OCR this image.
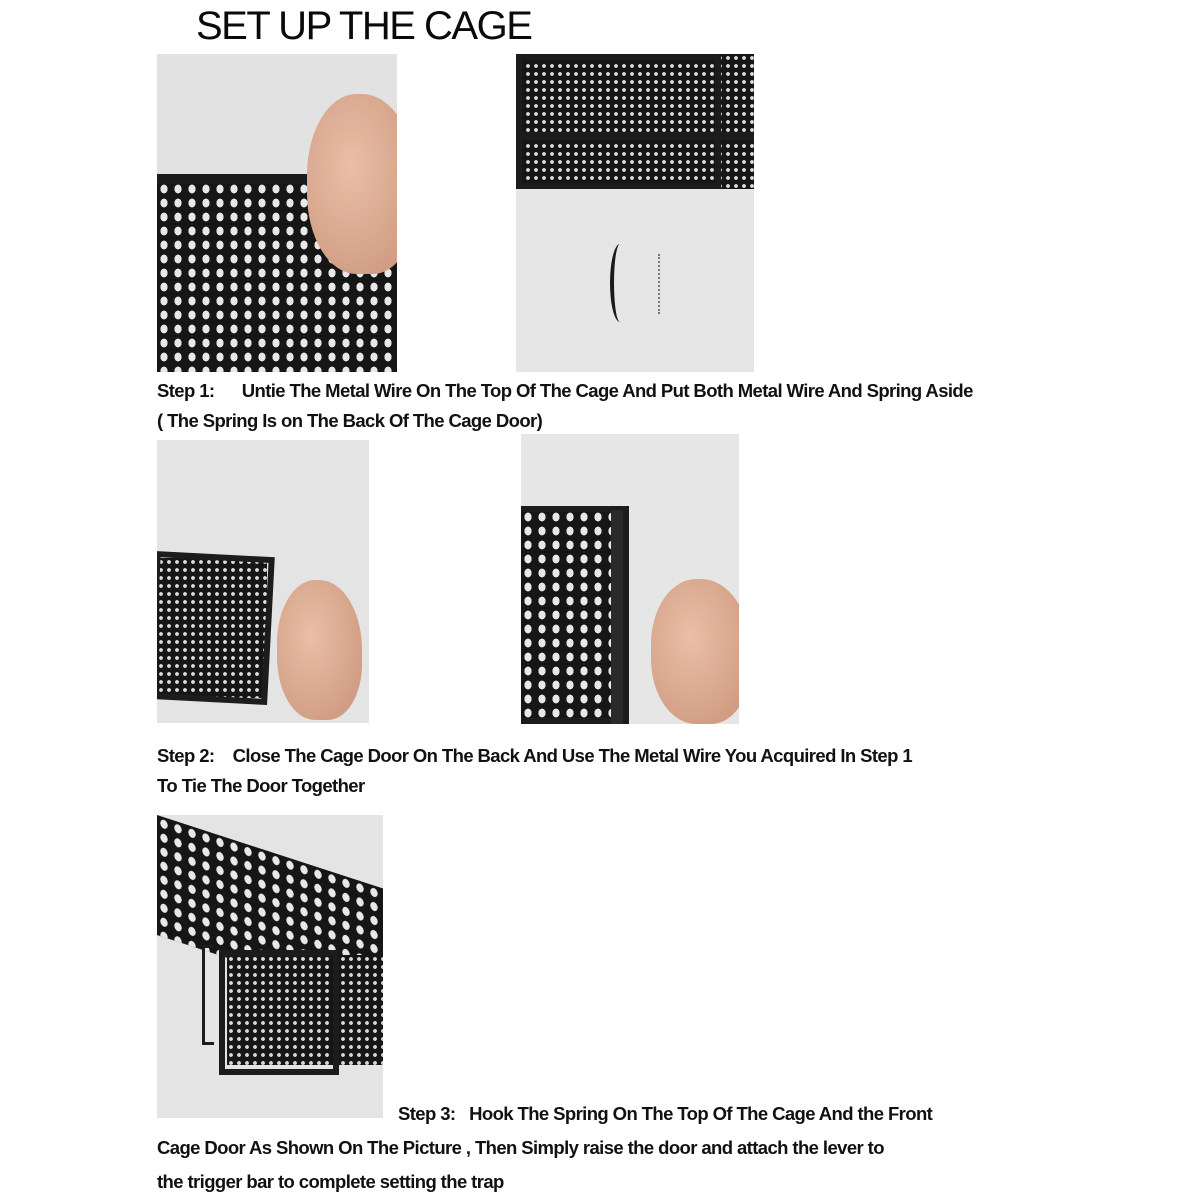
SET UP THE CAGE
Step 1: Untie The Metal Wire On The Top Of The Cage And Put Both Metal Wire And Spring Aside
( The Spring Is on The Back Of The Cage Door)
Step 2: Close The Cage Door On The Back And Use The Metal Wire You Acquired In Step 1
To Tie The Door Together
Step 3: Hook The Spring On The Top Of The Cage And the Front
Cage Door As Shown On The Picture , Then Simply raise the door and attach the lever to
the trigger bar to complete setting the trap
